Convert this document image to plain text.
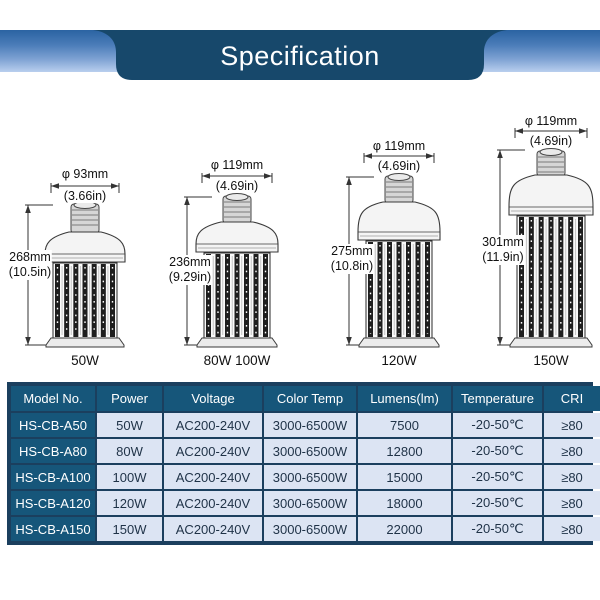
Specification
φ 93mm
(3.66in)
268mm
(10.5in)
50W
φ 119mm
(4.69in)
236mm
(9.29in)
80W 100W
φ 119mm
(4.69in)
275mm
(10.8in)
120W
φ 119mm
(4.69in)
301mm
(11.9in)
150W
Model No.	Power	Voltage	Color Temp	Lumens(lm)	Temperature	CRI
HS-CB-A50	50W	AC200-240V	3000-6500W	7500	-20-50℃	≥80
HS-CB-A80	80W	AC200-240V	3000-6500W	12800	-20-50℃	≥80
HS-CB-A100	100W	AC200-240V	3000-6500W	15000	-20-50℃	≥80
HS-CB-A120	120W	AC200-240V	3000-6500W	18000	-20-50℃	≥80
HS-CB-A150	150W	AC200-240V	3000-6500W	22000	-20-50℃	≥80
